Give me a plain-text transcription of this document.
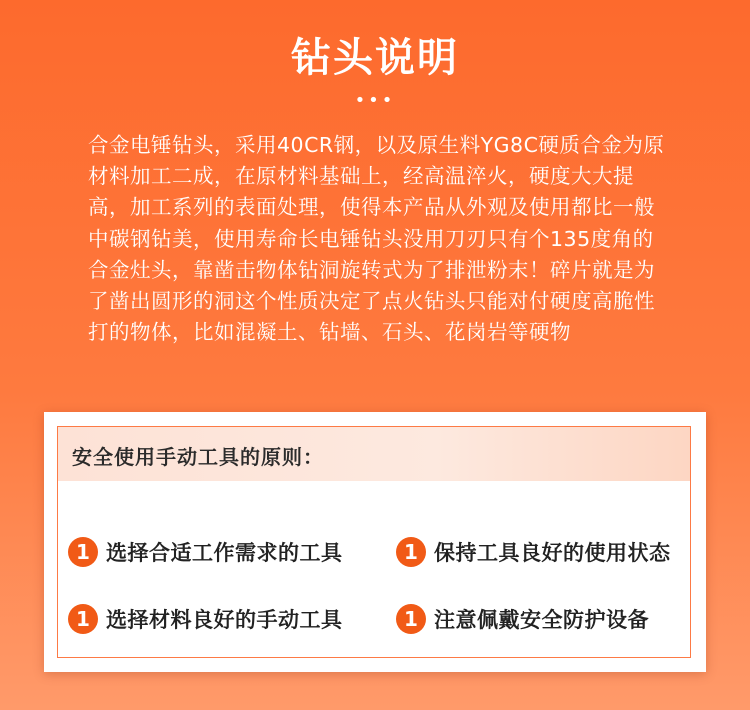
钻头说明
•••
合金电锤钻头，采用40CR钢，以及原生料YG8C硬质合金为原材料加工二成，在原材料基础上，经高温淬火，硬度大大提高，加工系列的表面处理，使得本产品从外观及使用都比一般中碳钢钻美，使用寿命长电锤钻头没用刀刃只有个135度角的合金灶头，靠凿击物体钻洞旋转式为了排泄粉末！碎片就是为了凿出圆形的洞这个性质决定了点火钻头只能对付硬度高脆性打的物体，比如混凝土、钻墙、石头、花岗岩等硬物
安全使用手动工具的原则：
1 选择合适工作需求的工具	1 保持工具良好的使用状态
1 选择材料良好的手动工具	1 注意佩戴安全防护设备
